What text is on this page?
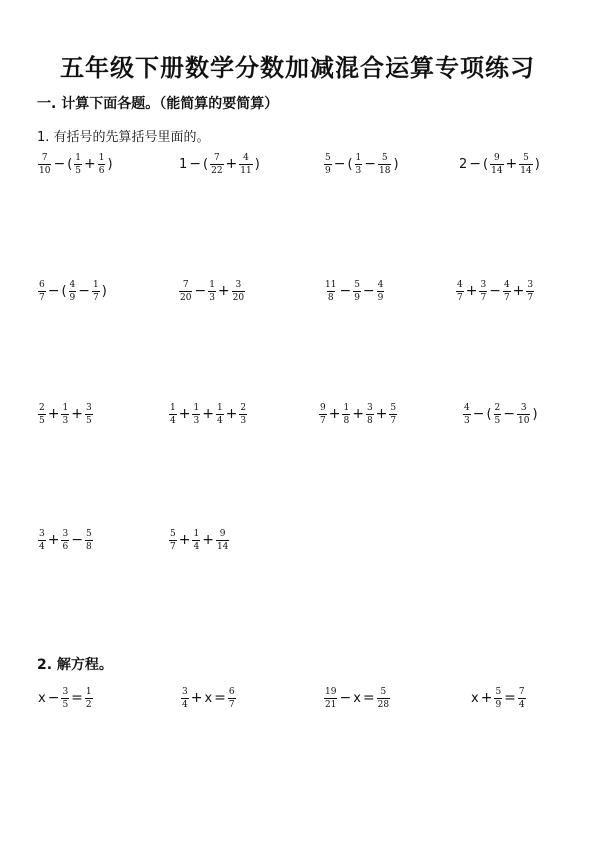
五年级下册数学分数加减混合运算专项练习
一. 计算下面各题。（能简算的要简算）
1. 有括号的先算括号里面的。
$\frac{7}{10}$ − ( $\frac{1}{5} + \frac{1}{6}$ )	1 − ( $\frac{7}{22} + \frac{4}{11}$ )	$\frac{5}{9}$ − ( $\frac{1}{3} - \frac{5}{18}$ )	2 − ( $\frac{9}{14} + \frac{5}{14}$ )
$\frac{6}{7}$ − ( $\frac{4}{9} - \frac{1}{7}$ )	$\frac{7}{20} - \frac{1}{3} + \frac{3}{20}$	$\frac{11}{8} - \frac{5}{9} - \frac{4}{9}$	$\frac{4}{7} + \frac{3}{7} - \frac{4}{7} + \frac{3}{7}$
$\frac{2}{5} + \frac{1}{3} + \frac{3}{5}$	$\frac{1}{4} + \frac{1}{3} + \frac{1}{4} + \frac{2}{3}$	$\frac{9}{7} + \frac{1}{8} + \frac{3}{8} + \frac{5}{7}$	$\frac{4}{3}$ − ( $\frac{2}{5} - \frac{3}{10}$ )
$\frac{3}{4} + \frac{3}{6} - \frac{5}{8}$	$\frac{5}{7} + \frac{1}{4} + \frac{9}{14}$
2. 解方程。
$x - \frac{3}{5} = \frac{1}{2}$	$\frac{3}{4} + x = \frac{6}{7}$	$\frac{19}{21} - x = \frac{5}{28}$	$x + \frac{5}{9} = \frac{7}{4}$
